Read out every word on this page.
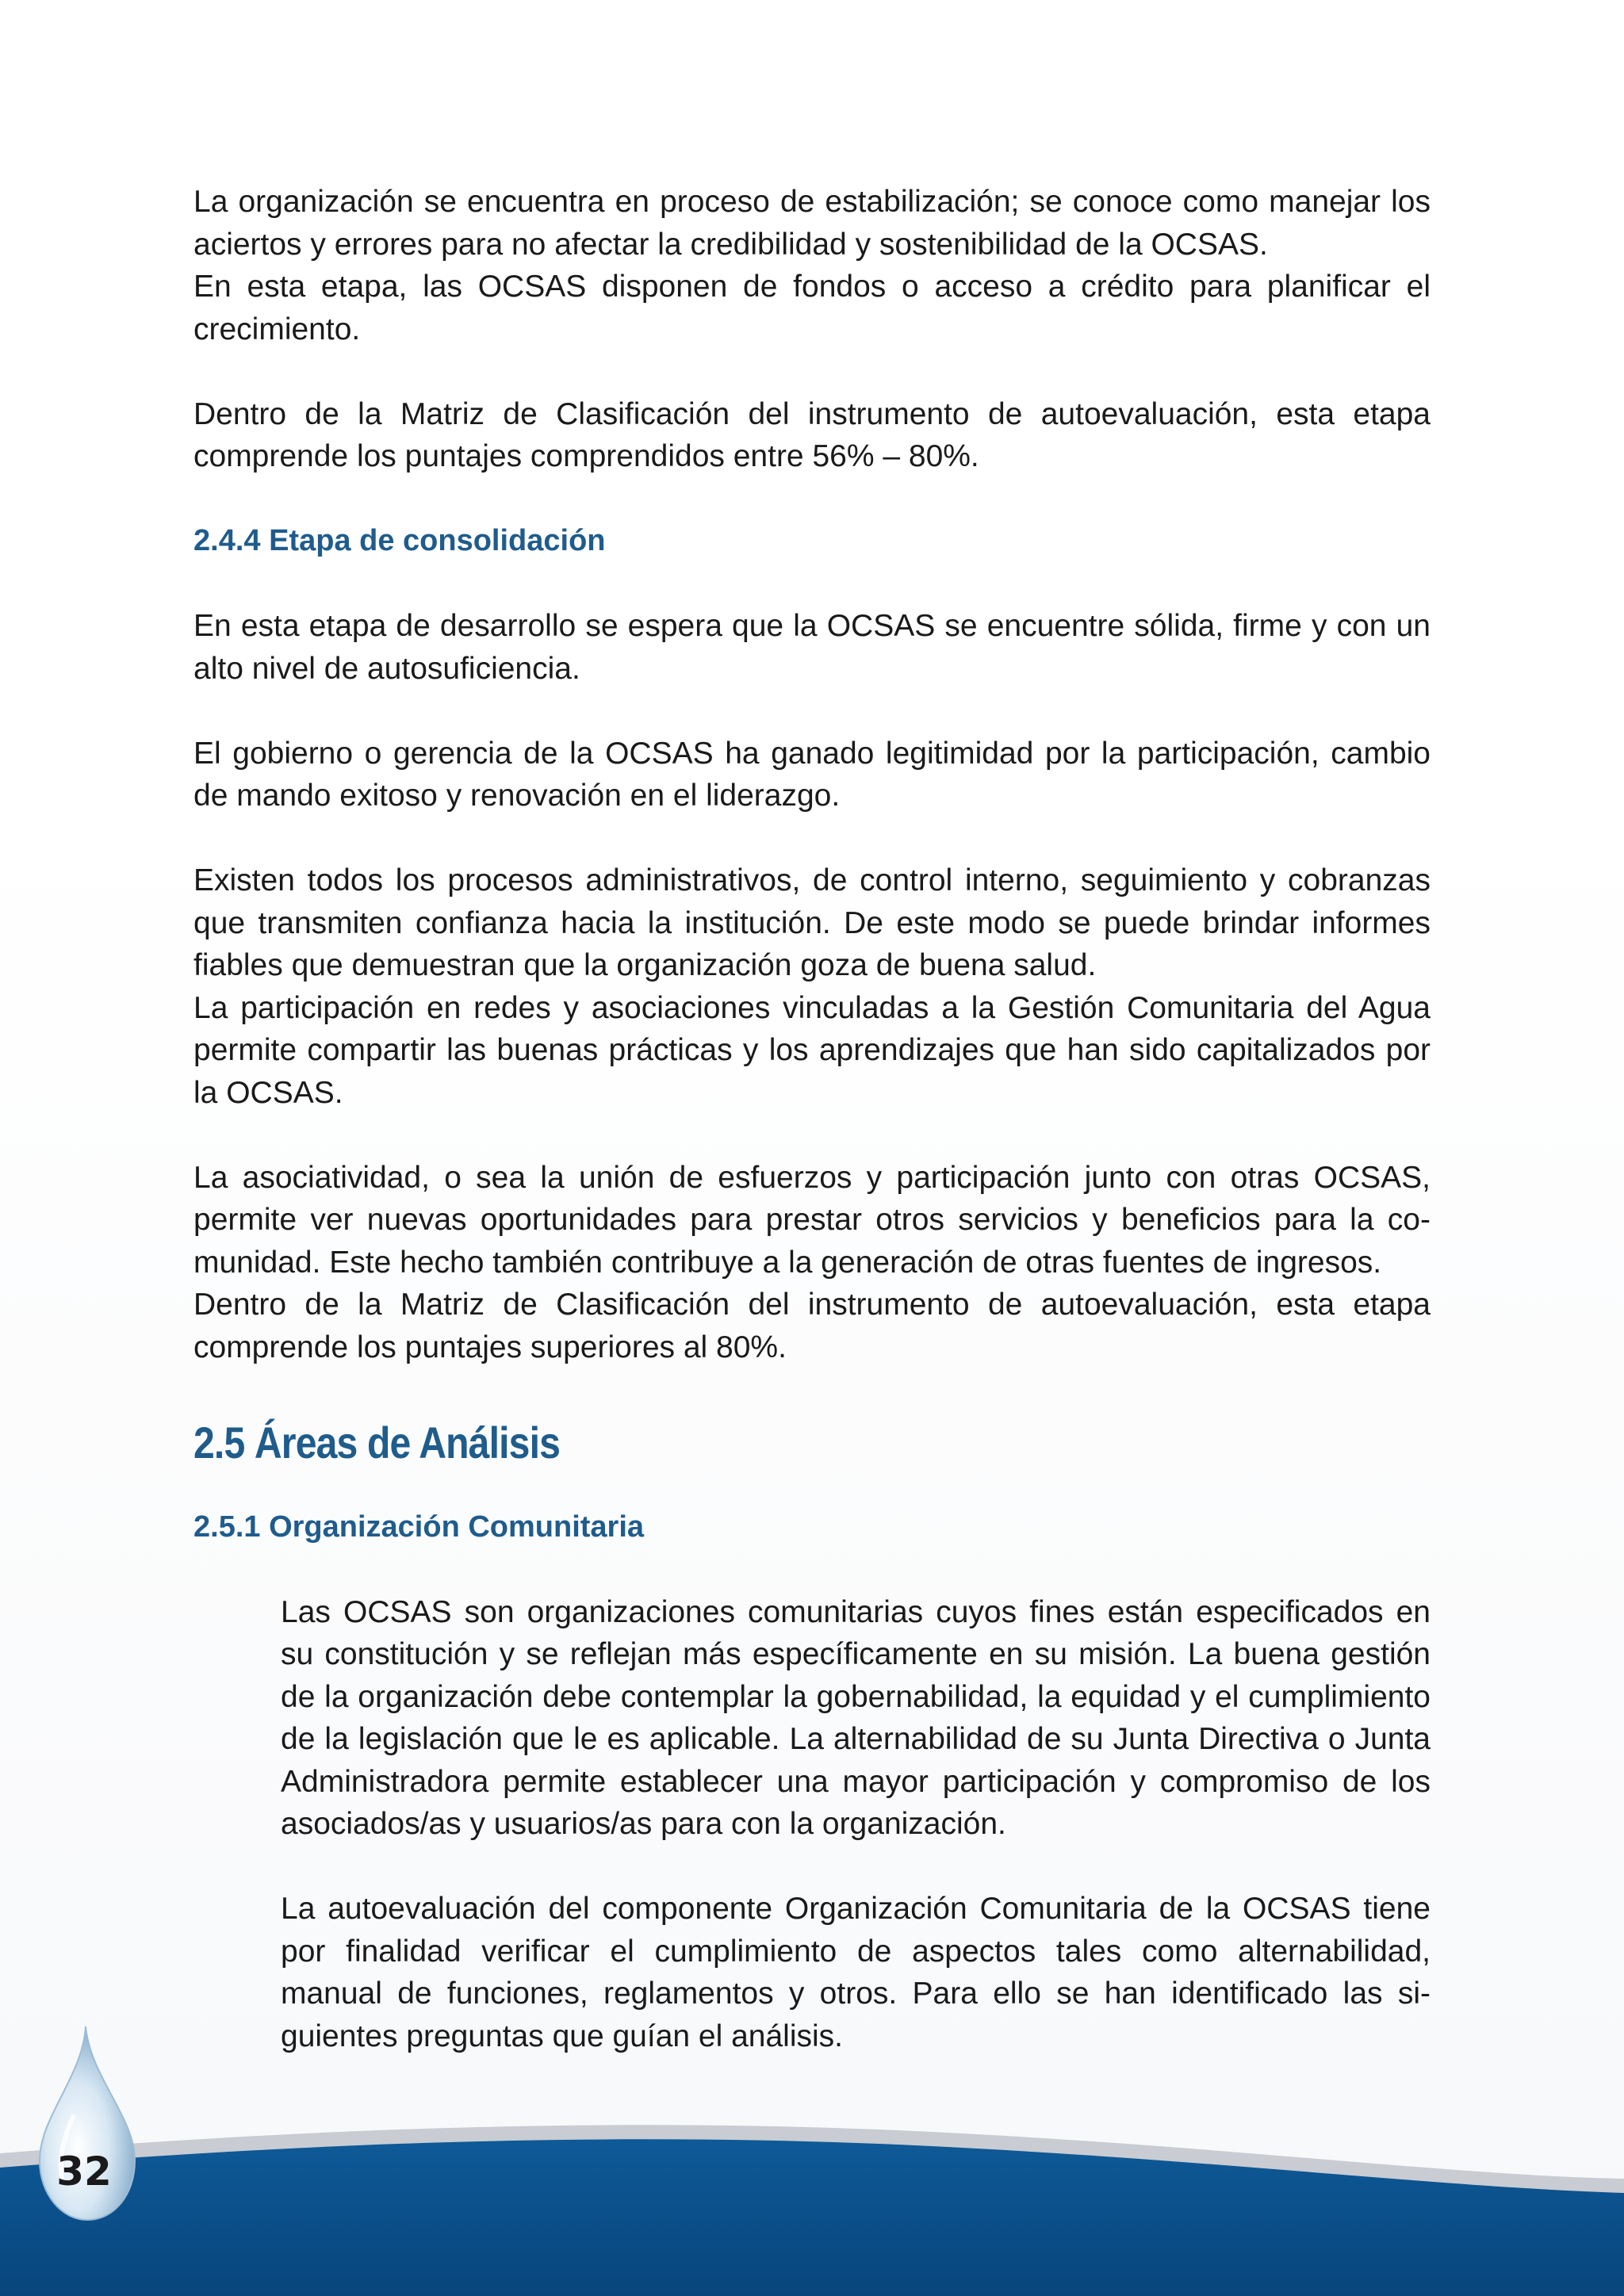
La organización se encuentra en proceso de estabilización; se conoce como manejar los aciertos y errores para no afectar la credibilidad y sostenibilidad de la OCSAS.

En esta etapa, las OCSAS disponen de fondos o acceso a crédito para planificar el crecimiento.

Dentro de la Matriz de Clasificación del instrumento de autoevaluación, esta etapa comprende los puntajes comprendidos entre 56% – 80%.

2.4.4 Etapa de consolidación

En esta etapa de desarrollo se espera que la OCSAS se encuentre sólida, firme y con un alto nivel de autosuficiencia.

El gobierno o gerencia de la OCSAS ha ganado legitimidad por la participación, cambio de mando exitoso y renovación en el liderazgo.

Existen todos los procesos administrativos, de control interno, seguimiento y cobranzas que transmiten confianza hacia la institución. De este modo se puede brindar informes fiables que demuestran que la organización goza de buena salud.

La participación en redes y asociaciones vinculadas a la Gestión Comunitaria del Agua permite compartir las buenas prácticas y los aprendizajes que han sido capitalizados por la OCSAS.

La asociatividad, o sea la unión de esfuerzos y participación junto con otras OCSAS, permite ver nuevas oportunidades para prestar otros servicios y beneficios para la comunidad. Este hecho también contribuye a la generación de otras fuentes de ingresos.

Dentro de la Matriz de Clasificación del instrumento de autoevaluación, esta etapa comprende los puntajes superiores al 80%.

2.5 Áreas de Análisis
2.5.1 Organización Comunitaria

Las OCSAS son organizaciones comunitarias cuyos fines están especificados en su constitución y se reflejan más específicamente en su misión. La buena gestión de la organización debe contemplar la gobernabilidad, la equidad y el cumplimiento de la legislación que le es aplicable. La alternabilidad de su Junta Directiva o Junta Administradora permite establecer una mayor participación y compromiso de los asociados/as y usuarios/as para con la organización.

La autoevaluación del componente Organización Comunitaria de la OCSAS tiene por finalidad verificar el cumplimiento de aspectos tales como alternabilidad, manual de funciones, reglamentos y otros. Para ello se han identificado las siguientes preguntas que guían el análisis.

32
